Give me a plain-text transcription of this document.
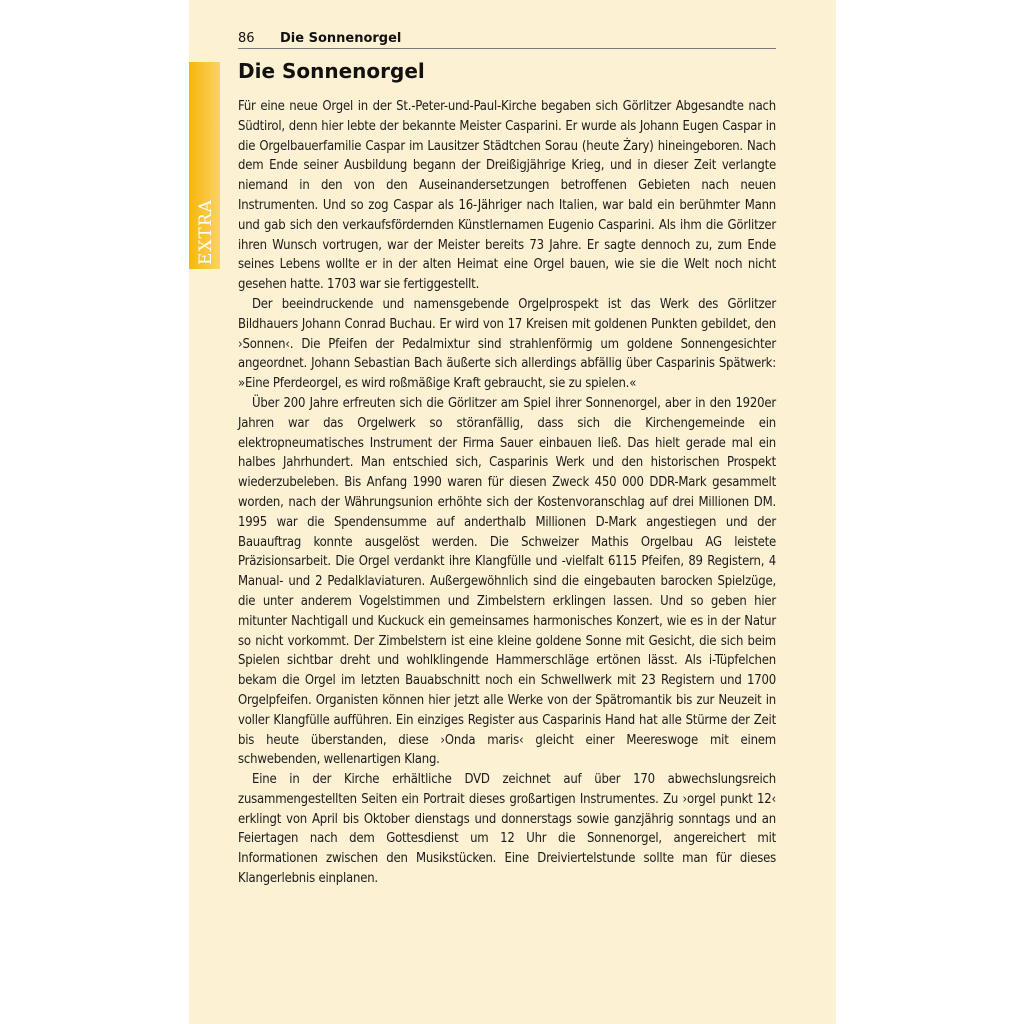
EXTRA
86 Die Sonnenorgel
Die Sonnenorgel

Für eine neue Orgel in der St.-Peter-und-Paul-Kirche begaben sich Görlitzer Abgesandte nach Südtirol, denn hier lebte der bekannte Meister Casparini. Er wurde als Johann Eugen Caspar in die Orgelbauerfamilie Caspar im Lausitzer Städtchen Sorau (heute Żary) hineingeboren. Nach dem Ende seiner Ausbildung begann der Dreißigjährige Krieg, und in dieser Zeit verlangte niemand in den von den Auseinandersetzungen betroffenen Gebieten nach neuen Instrumenten. Und so zog Caspar als 16-Jähriger nach Italien, war bald ein berühmter Mann und gab sich den verkaufsfördernden Künstlernamen Eugenio Casparini. Als ihm die Görlitzer ihren Wunsch vortrugen, war der Meister bereits 73 Jahre. Er sagte dennoch zu, zum Ende seines Lebens wollte er in der alten Heimat eine Orgel bauen, wie sie die Welt noch nicht gesehen hatte. 1703 war sie fertiggestellt.

Der beeindruckende und namensgebende Orgelprospekt ist das Werk des Görlitzer Bildhauers Johann Conrad Buchau. Er wird von 17 Kreisen mit goldenen Punkten gebildet, den ›Sonnen‹. Die Pfeifen der Pedalmixtur sind strahlenförmig um goldene Sonnengesichter angeordnet. Johann Sebastian Bach äußerte sich allerdings abfällig über Casparinis Spätwerk: »Eine Pferdeorgel, es wird roßmäßige Kraft gebraucht, sie zu spielen.«

Über 200 Jahre erfreuten sich die Görlitzer am Spiel ihrer Sonnenorgel, aber in den 1920er Jahren war das Orgelwerk so störanfällig, dass sich die Kirchengemeinde ein elektropneumatisches Instrument der Firma Sauer einbauen ließ. Das hielt gerade mal ein halbes Jahrhundert. Man entschied sich, Casparinis Werk und den historischen Prospekt wiederzubeleben. Bis Anfang 1990 waren für diesen Zweck 450 000 DDR-Mark gesammelt worden, nach der Währungsunion erhöhte sich der Kostenvoranschlag auf drei Millionen DM. 1995 war die Spendensumme auf anderthalb Millionen D-Mark angestiegen und der Bauauftrag konnte ausgelöst werden. Die Schweizer Mathis Orgelbau AG leistete Präzisionsarbeit. Die Orgel verdankt ihre Klangfülle und -vielfalt 6115 Pfeifen, 89 Registern, 4 Manual- und 2 Pedalklaviaturen. Außergewöhnlich sind die eingebauten barocken Spielzüge, die unter anderem Vogelstimmen und Zimbelstern erklingen lassen. Und so geben hier mitunter Nachtigall und Kuckuck ein gemeinsames harmonisches Konzert, wie es in der Natur so nicht vorkommt. Der Zimbelstern ist eine kleine goldene Sonne mit Gesicht, die sich beim Spielen sichtbar dreht und wohlklingende Hammerschläge ertönen lässt. Als i-Tüpfelchen bekam die Orgel im letzten Bauabschnitt noch ein Schwellwerk mit 23 Registern und 1700 Orgelpfeifen. Organisten können hier jetzt alle Werke von der Spätromantik bis zur Neuzeit in voller Klangfülle aufführen. Ein einziges Register aus Casparinis Hand hat alle Stürme der Zeit bis heute überstanden, diese ›Onda maris‹ gleicht einer Meereswoge mit einem schwebenden, wellenartigen Klang.

Eine in der Kirche erhältliche DVD zeichnet auf über 170 abwechslungsreich zusammengestellten Seiten ein Portrait dieses großartigen Instrumentes. Zu ›orgel punkt 12‹ erklingt von April bis Oktober dienstags und donnerstags sowie ganzjährig sonntags und an Feiertagen nach dem Gottesdienst um 12 Uhr die Sonnenorgel, angereichert mit Informationen zwischen den Musikstücken. Eine Dreiviertelstunde sollte man für dieses Klangerlebnis einplanen.
